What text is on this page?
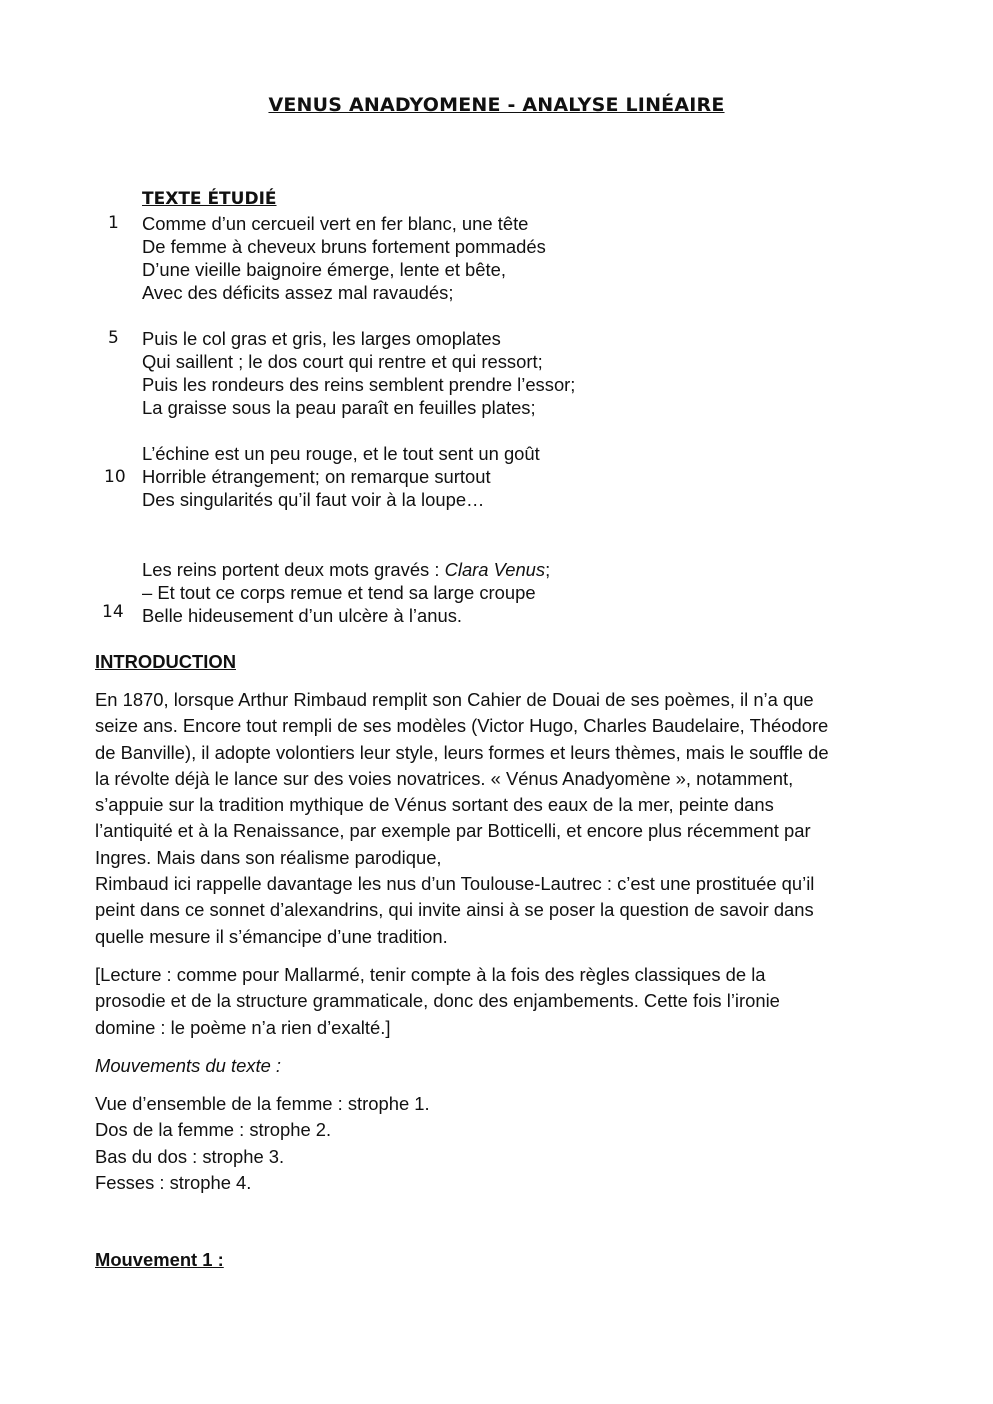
VENUS ANADYOMENE - ANALYSE LINÉAIRE
TEXTE ÉTUDIÉ
1
5
10
14
Comme d’un cercueil vert en fer blanc, une tête
De femme à cheveux bruns fortement pommadés
D’une vieille baignoire émerge, lente et bête,
Avec des déficits assez mal ravaudés;
Puis le col gras et gris, les larges omoplates
Qui saillent ; le dos court qui rentre et qui ressort;
Puis les rondeurs des reins semblent prendre l’essor;
La graisse sous la peau paraît en feuilles plates;
L’échine est un peu rouge, et le tout sent un goût
Horrible étrangement; on remarque surtout
Des singularités qu’il faut voir à la loupe…
Les reins portent deux mots gravés : Clara Venus;
– Et tout ce corps remue et tend sa large croupe
Belle hideusement d’un ulcère à l’anus.
INTRODUCTION
En 1870, lorsque Arthur Rimbaud remplit son Cahier de Douai de ses poèmes, il n’a que
seize ans. Encore tout rempli de ses modèles (Victor Hugo, Charles Baudelaire, Théodore
de Banville), il adopte volontiers leur style, leurs formes et leurs thèmes, mais le souffle de
la révolte déjà le lance sur des voies novatrices. « Vénus Anadyomène », notamment,
s’appuie sur la tradition mythique de Vénus sortant des eaux de la mer, peinte dans
l’antiquité et à la Renaissance, par exemple par Botticelli, et encore plus récemment par
Ingres. Mais dans son réalisme parodique,
Rimbaud ici rappelle davantage les nus d’un Toulouse-Lautrec : c’est une prostituée qu’il
peint dans ce sonnet d’alexandrins, qui invite ainsi à se poser la question de savoir dans
quelle mesure il s’émancipe d’une tradition.
[Lecture : comme pour Mallarmé, tenir compte à la fois des règles classiques de la
prosodie et de la structure grammaticale, donc des enjambements. Cette fois l’ironie
domine : le poème n’a rien d’exalté.]
Mouvements du texte :
Vue d’ensemble de la femme : strophe 1.
Dos de la femme : strophe 2.
Bas du dos : strophe 3.
Fesses : strophe 4.
Mouvement 1 :
